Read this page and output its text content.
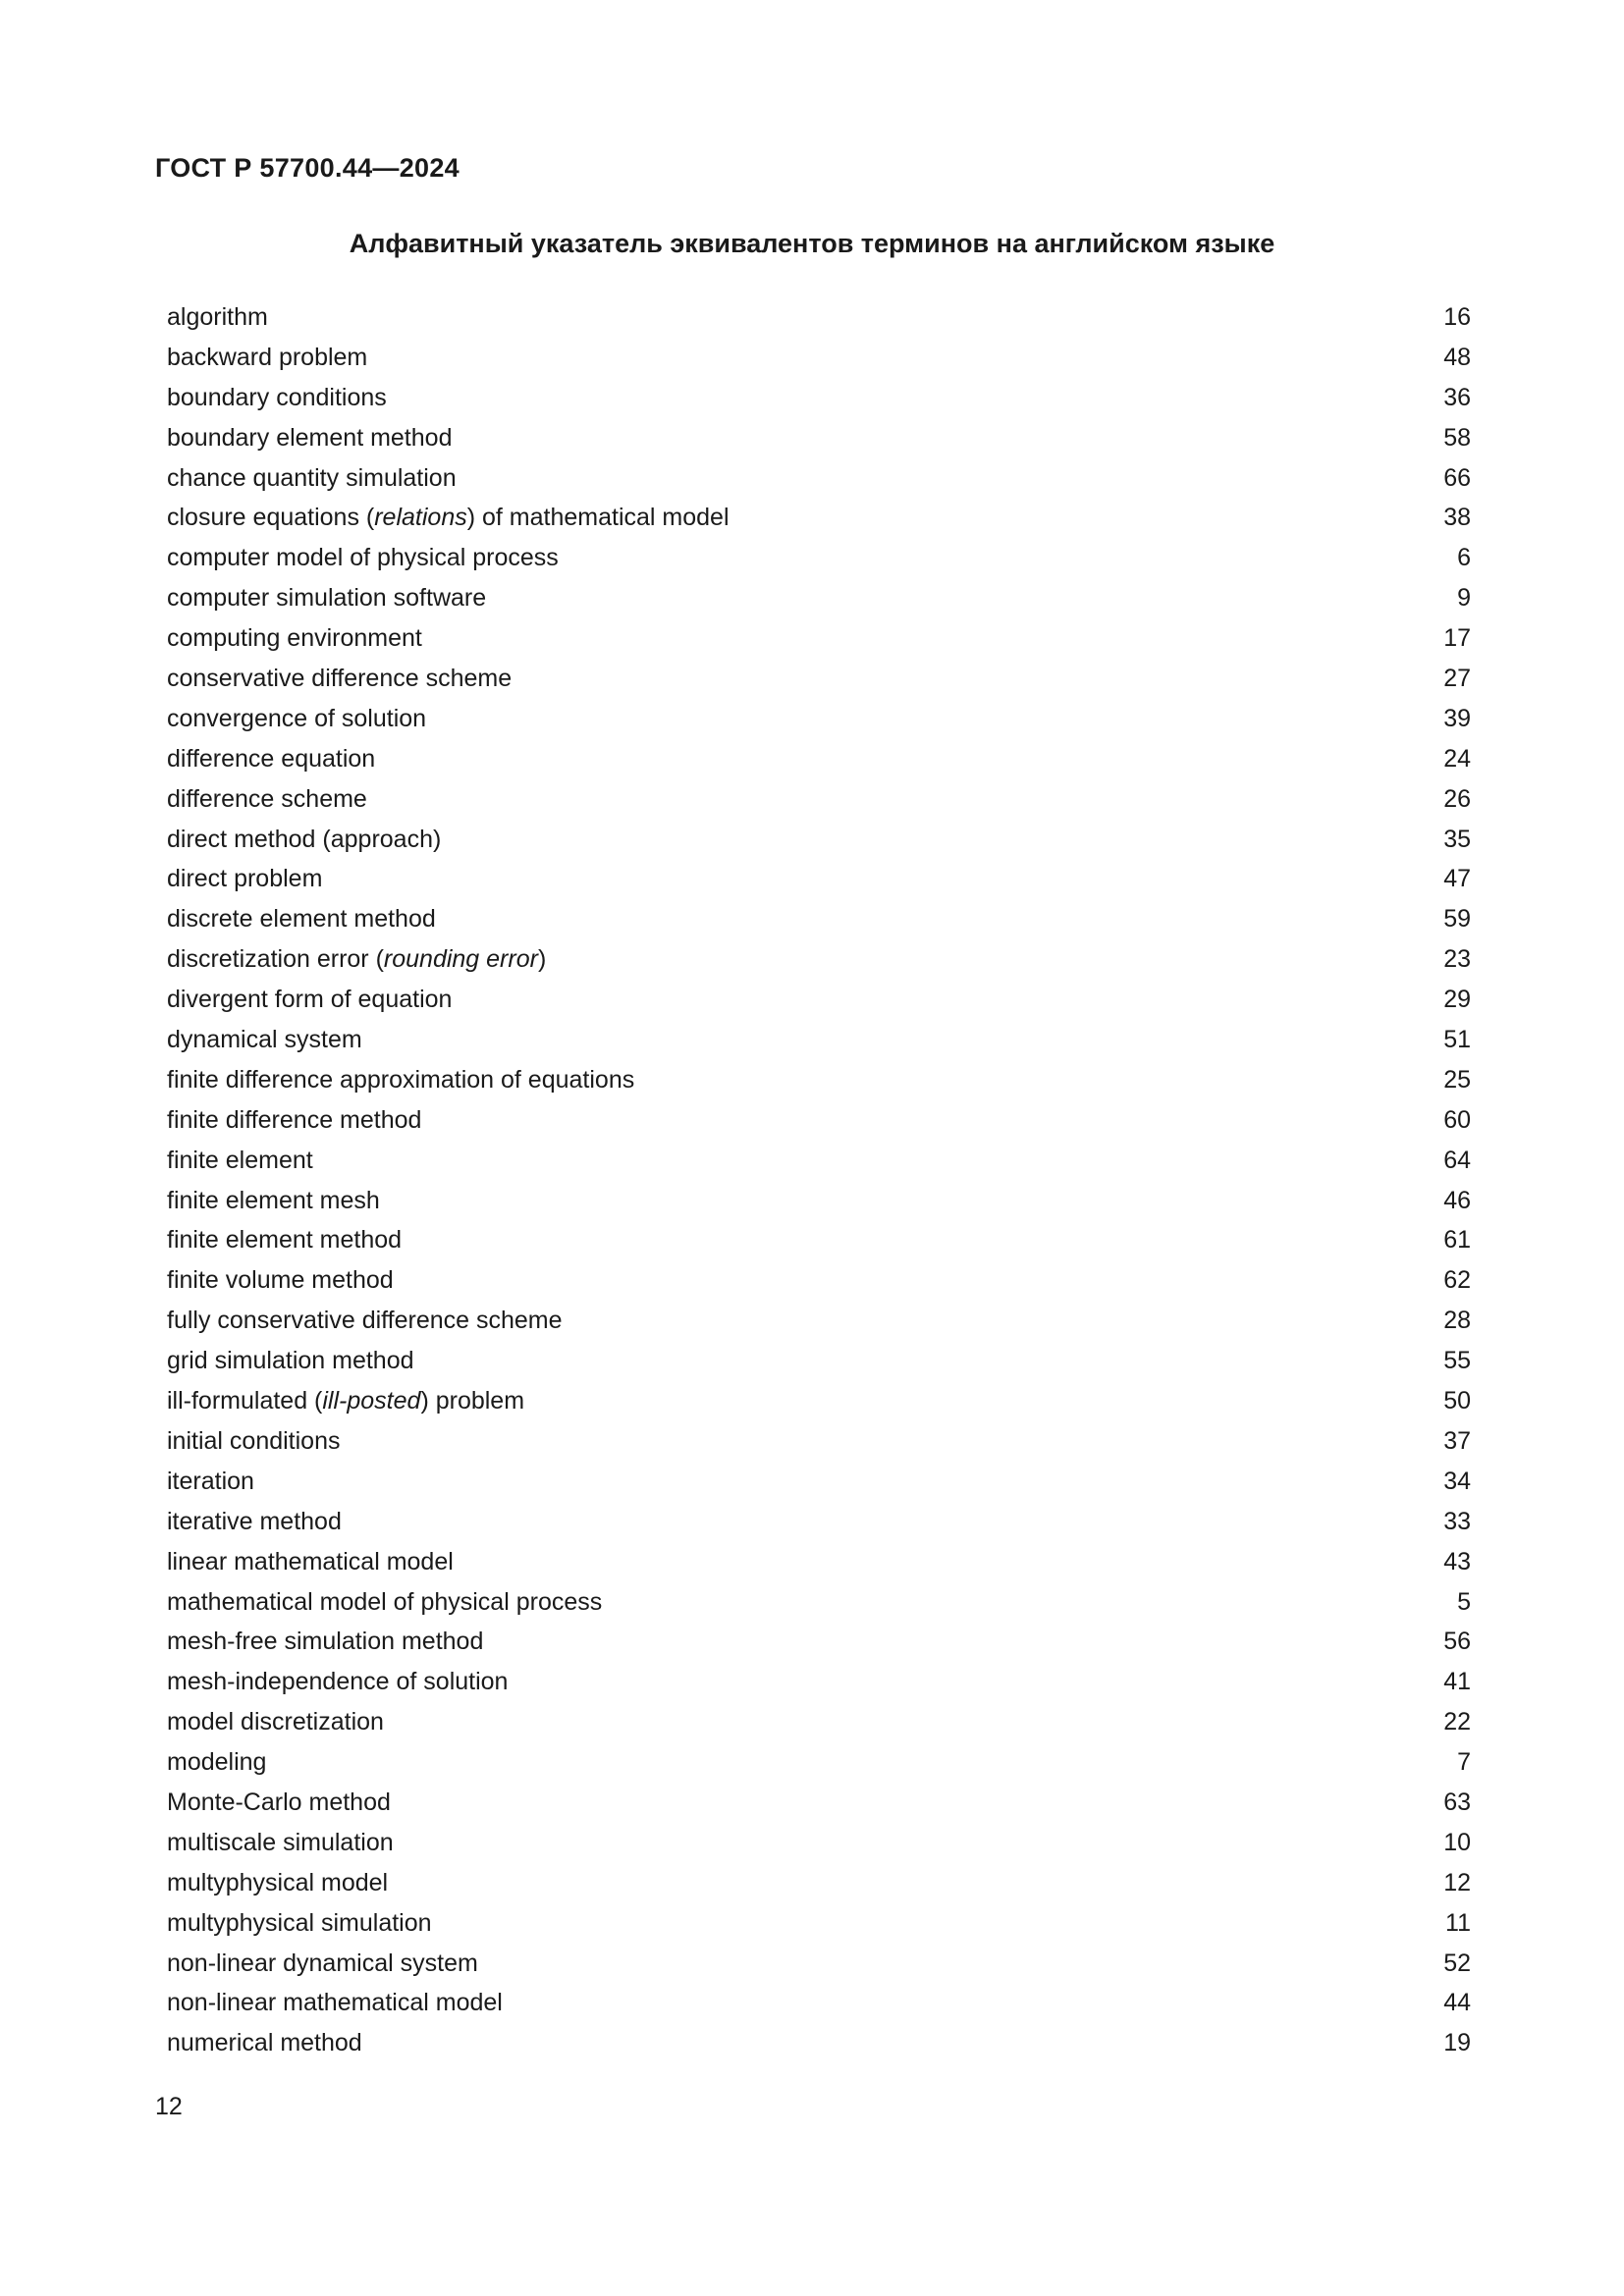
ГОСТ Р 57700.44—2024
Алфавитный указатель эквивалентов терминов на английском языке
algorithm	16
backward problem	48
boundary conditions	36
boundary element method	58
chance quantity simulation	66
closure equations (relations) of mathematical model	38
computer model of physical process	6
computer simulation software	9
computing environment	17
conservative difference scheme	27
convergence of solution	39
difference equation	24
difference scheme	26
direct method (approach)	35
direct problem	47
discrete element method	59
discretization error (rounding error)	23
divergent form of equation	29
dynamical system	51
finite difference approximation of equations	25
finite difference method	60
finite element	64
finite element mesh	46
finite element method	61
finite volume method	62
fully conservative difference scheme	28
grid simulation method	55
ill-formulated (ill-posted) problem	50
initial conditions	37
iteration	34
iterative method	33
linear mathematical model	43
mathematical model of physical process	5
mesh-free simulation method	56
mesh-independence of solution	41
model discretization	22
modeling	7
Monte-Carlo method	63
multiscale simulation	10
multyphysical model	12
multyphysical simulation	11
non-linear dynamical system	52
non-linear mathematical model	44
numerical method	19
12
